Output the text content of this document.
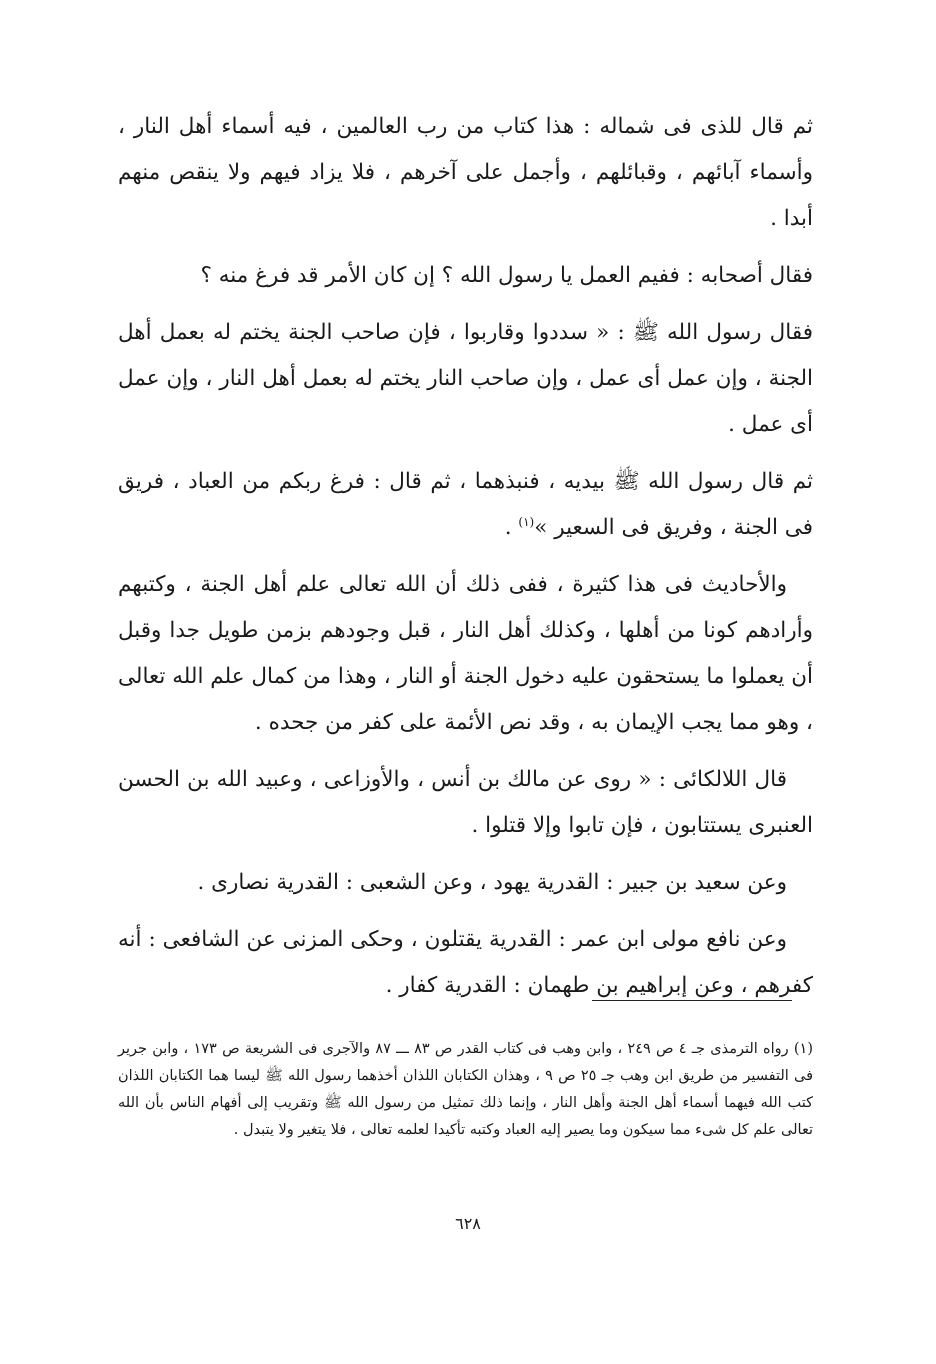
ثم قال للذى فى شماله : هذا كتاب من رب العالمين ، فيه أسماء أهل النار ، وأسماء آبائهم ، وقبائلهم ، وأجمل على آخرهم ، فلا يزاد فيهم ولا ينقص منهم أبدا .

فقال أصحابه : ففيم العمل يا رسول الله ؟ إن كان الأمر قد فرغ منه ؟

فقال رسول الله ﷺ : « سددوا وقاربوا ، فإن صاحب الجنة يختم له بعمل أهل الجنة ، وإن عمل أى عمل ، وإن صاحب النار يختم له بعمل أهل النار ، وإن عمل أى عمل .

ثم قال رسول الله ﷺ بيديه ، فنبذهما ، ثم قال : فرغ ربكم من العباد ، فريق فى الجنة ، وفريق فى السعير »$^{(١)}$ .

والأحاديث فى هذا كثيرة ، ففى ذلك أن الله تعالى علم أهل الجنة ، وكتبهم وأرادهم كونا من أهلها ، وكذلك أهل النار ، قبل وجودهم بزمن طويل جدا وقبل أن يعملوا ما يستحقون عليه دخول الجنة أو النار ، وهذا من كمال علم الله تعالى ، وهو مما يجب الإيمان به ، وقد نص الأئمة على كفر من جحده .

قال اللالكائى : « روى عن مالك بن أنس ، والأوزاعى ، وعبيد الله بن الحسن العنبرى يستتابون ، فإن تابوا وإلا قتلوا .

وعن سعيد بن جبير : القدرية يهود ، وعن الشعبى : القدرية نصارى .

وعن نافع مولى ابن عمر : القدرية يقتلون ، وحكى المزنى عن الشافعى : أنه كفرهم ، وعن إبراهيم بن طهمان : القدرية كفار .

(١) رواه الترمذى جـ ٤ ص ٢٤٩ ، وابن وهب فى كتاب القدر ص ٨٣ ـــ ٨٧ والآجرى فى الشريعة ص ١٧٣ ، وابن جرير فى التفسير من طريق ابن وهب جـ ٢٥ ص ٩ ، وهذان الكتابان اللذان أخذهما رسول الله ﷺ ليسا هما الكتابان اللذان كتب الله فيهما أسماء أهل الجنة وأهل النار ، وإنما ذلك تمثيل من رسول الله ﷺ وتقريب إلى أفهام الناس بأن الله تعالى علم كل شىء مما سيكون وما يصير إليه العباد وكتبه تأكيدا لعلمه تعالى ، فلا يتغير ولا يتبدل .

٦٢٨
